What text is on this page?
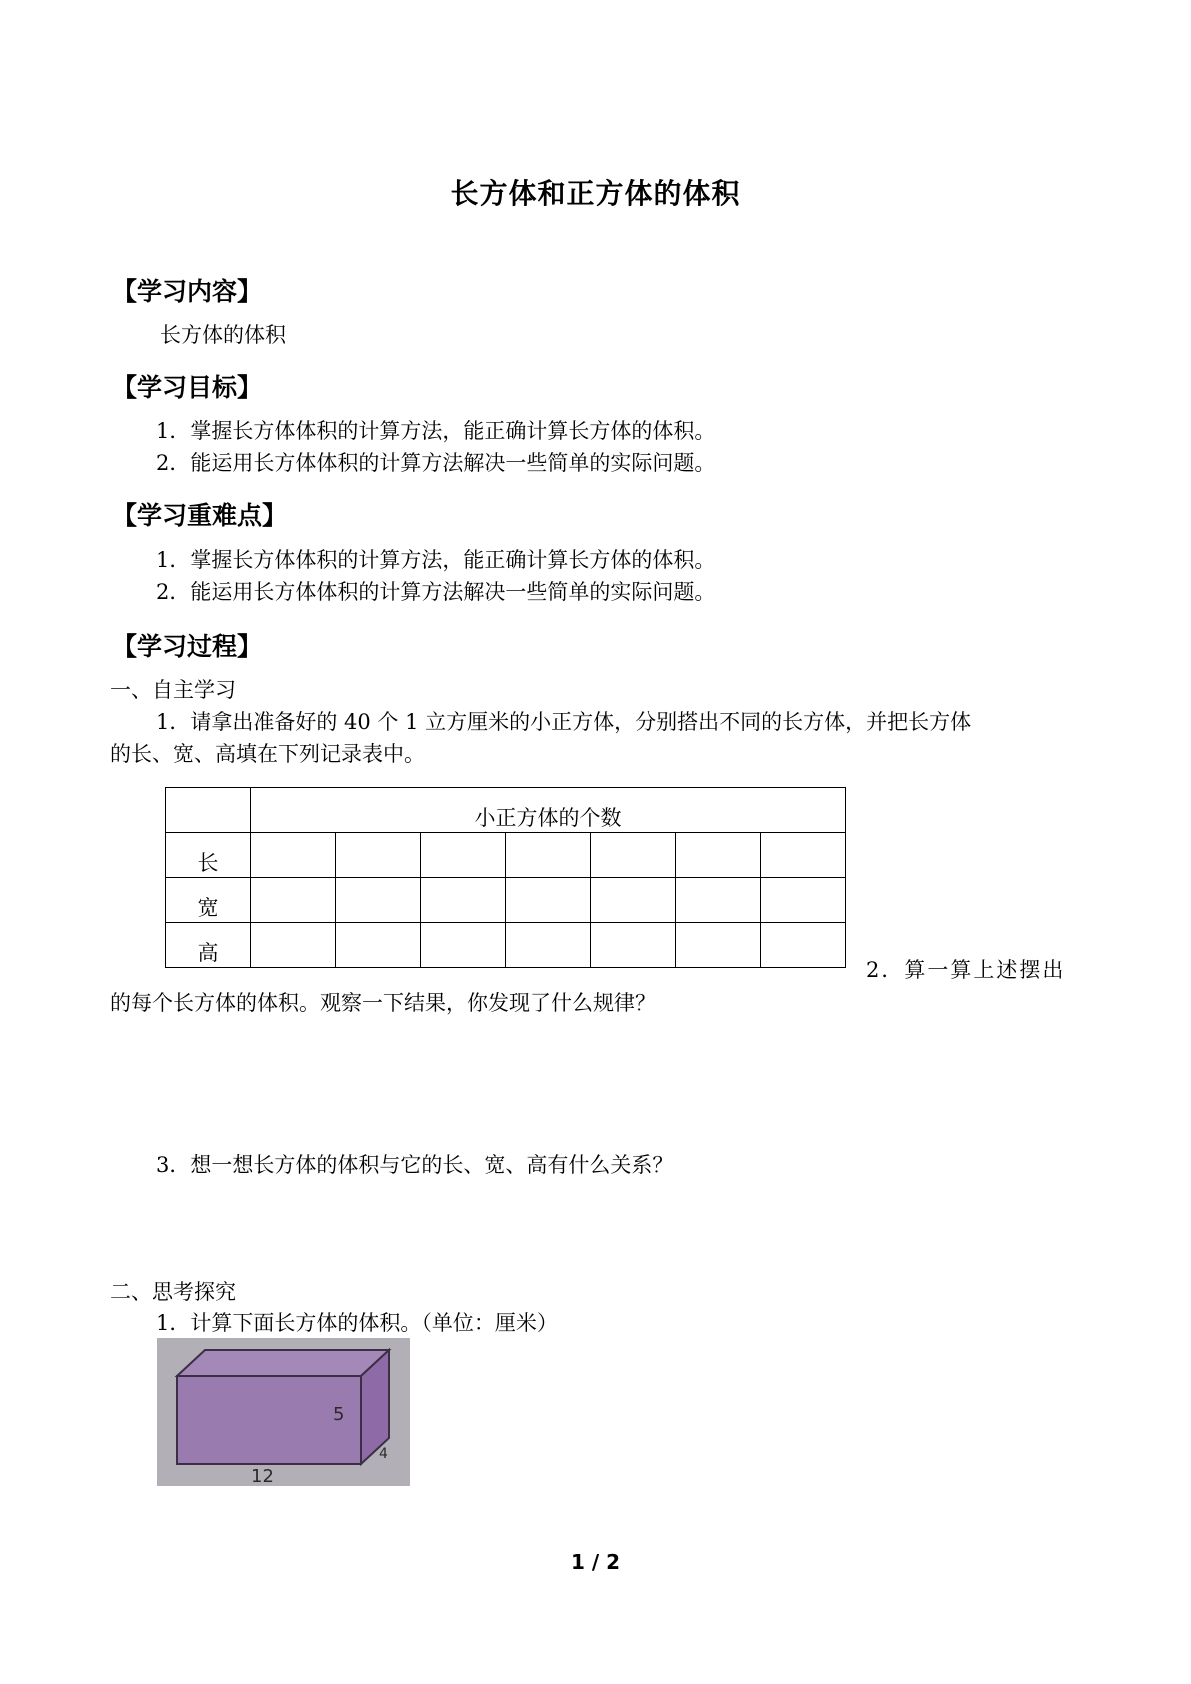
长方体和正方体的体积
【学习内容】
长方体的体积
【学习目标】
1．掌握长方体体积的计算方法，能正确计算长方体的体积。
2．能运用长方体体积的计算方法解决一些简单的实际问题。
【学习重难点】
1．掌握长方体体积的计算方法，能正确计算长方体的体积。
2．能运用长方体体积的计算方法解决一些简单的实际问题。
【学习过程】
一、自主学习
1．请拿出准备好的 40 个 1 立方厘米的小正方体，分别搭出不同的长方体，并把长方体
的长、宽、高填在下列记录表中。
	小正方体的个数						
长							
宽							
高							
2．算一算上述摆出
的每个长方体的体积。观察一下结果，你发现了什么规律？
3．想一想长方体的体积与它的长、宽、高有什么关系？
二、思考探究
1．计算下面长方体的体积。（单位：厘米）
5
4
12
1 / 2
